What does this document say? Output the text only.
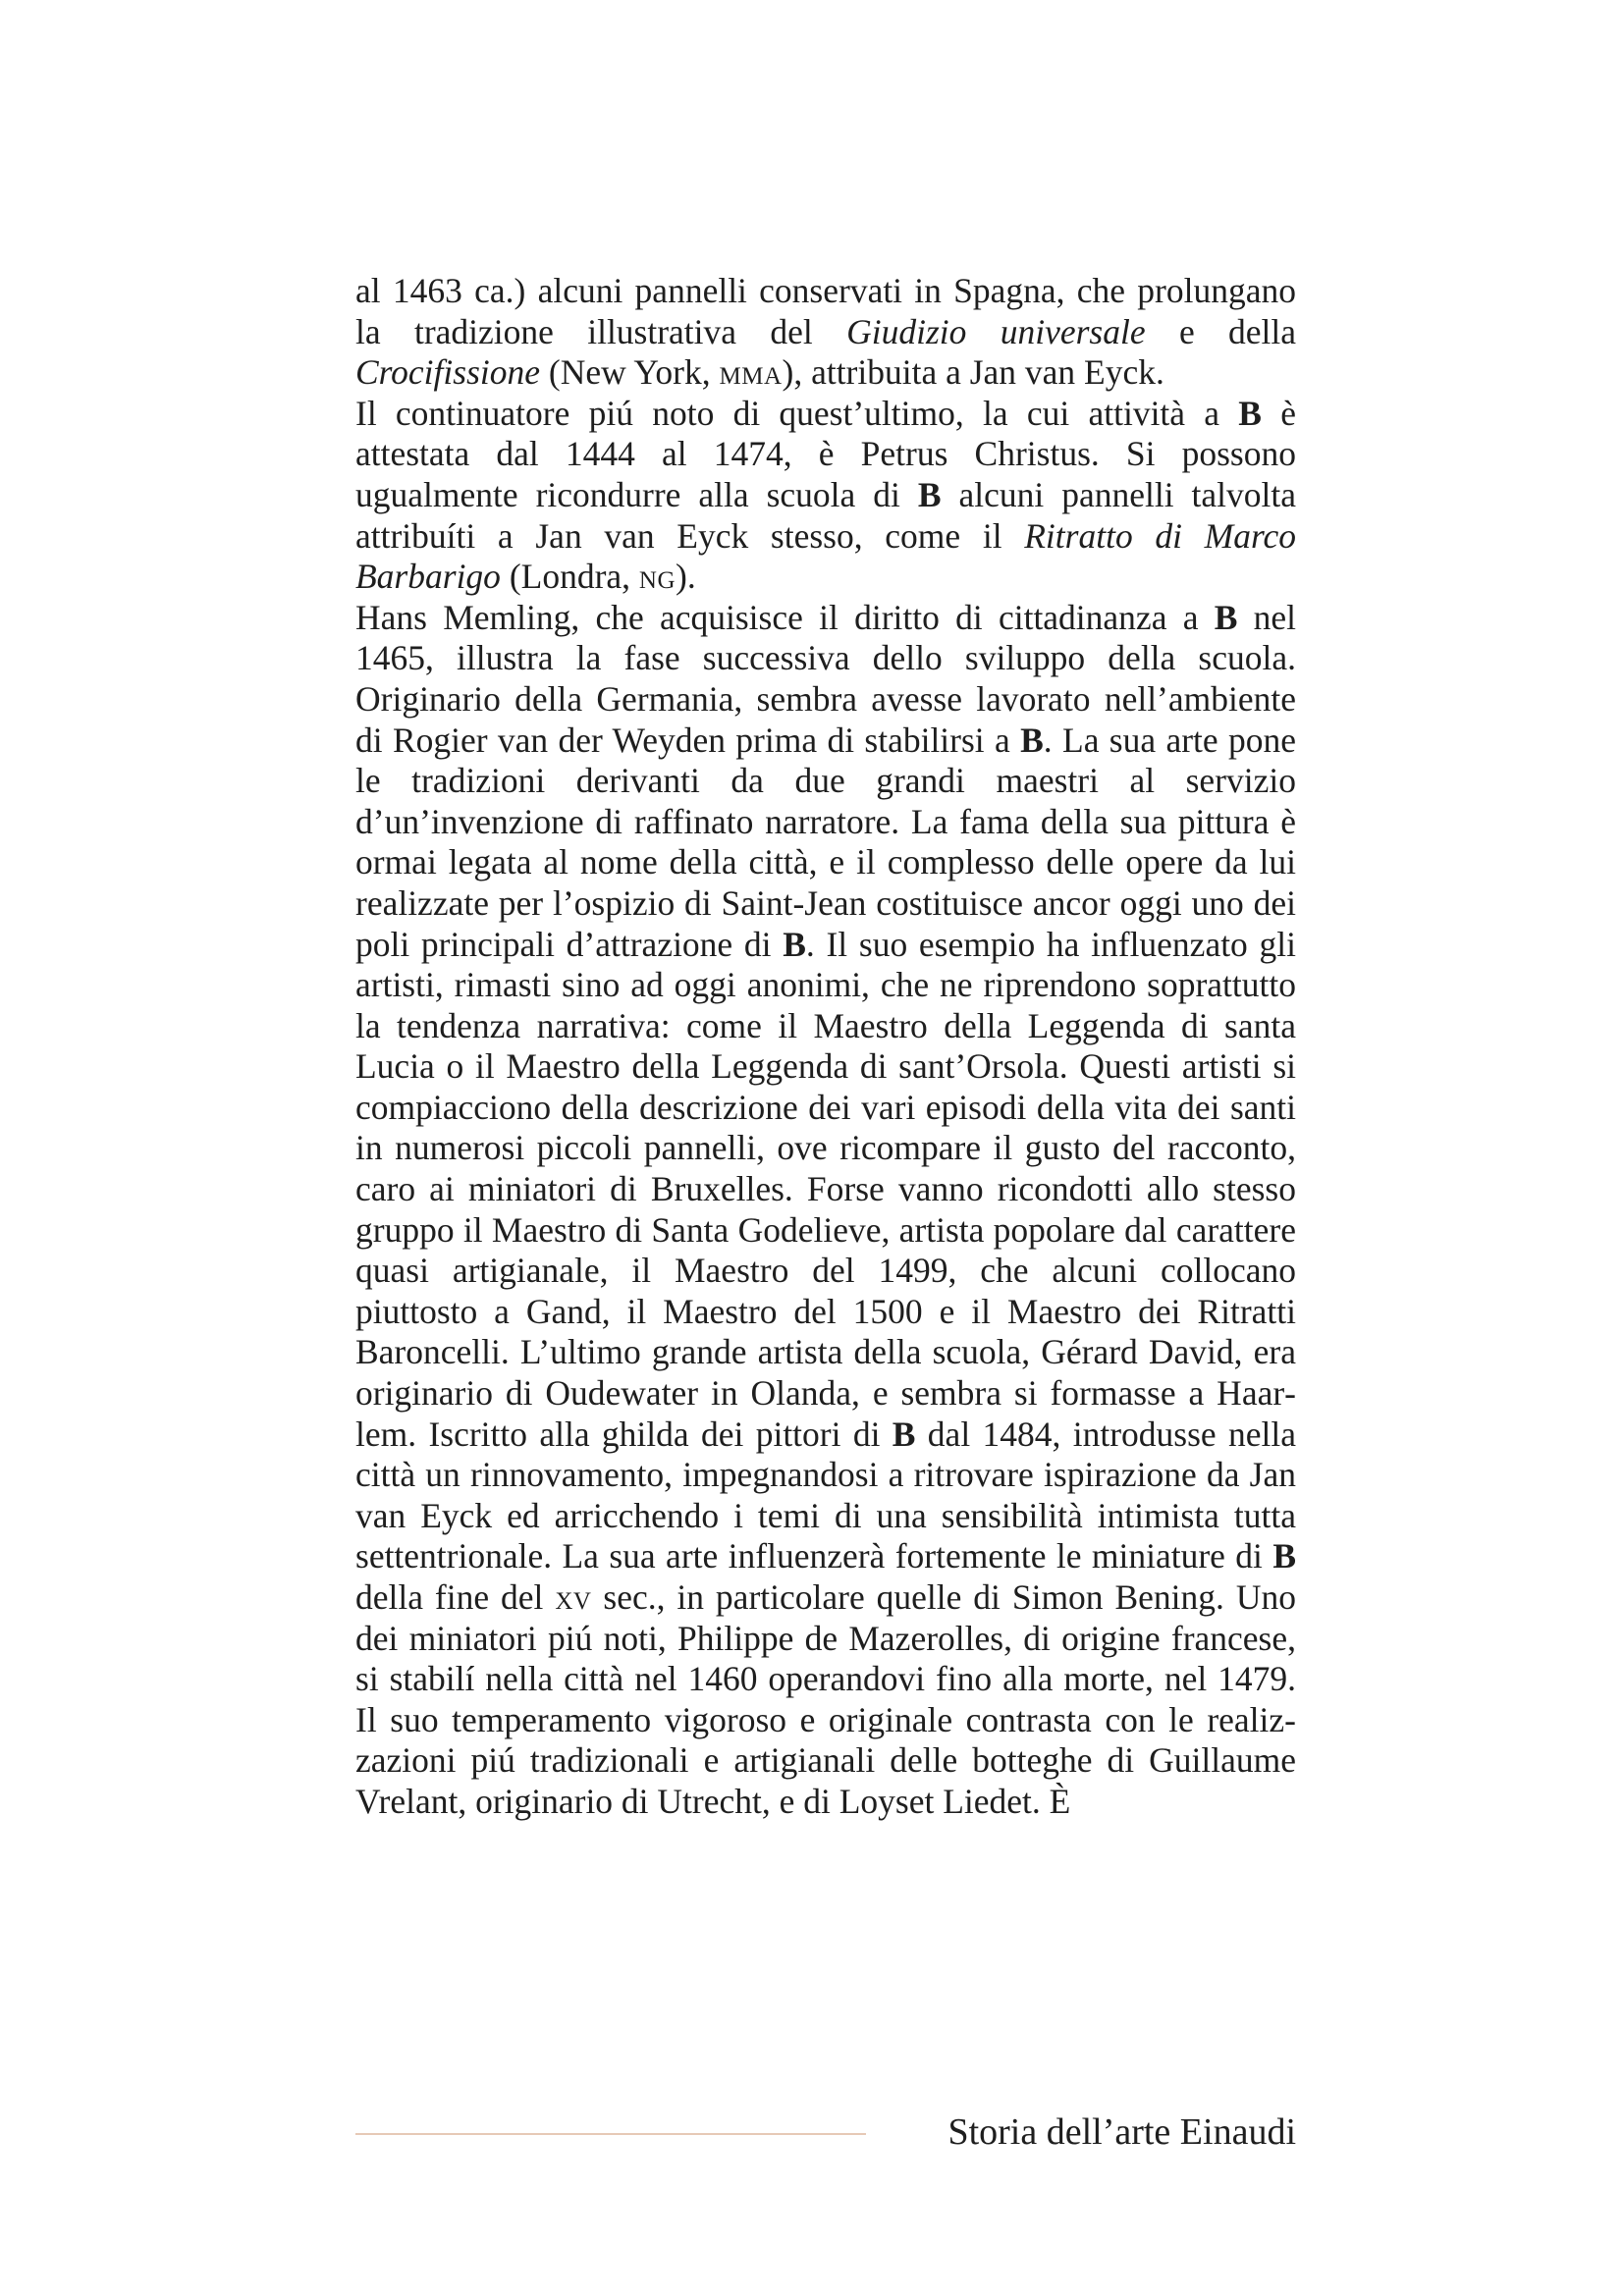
al 1463 ca.) alcuni pannelli conservati in Spagna, che prolungano la tradizione illustrativa del Giudizio universale e della Crocifissione (New York, mma), attribuita a Jan van Eyck.

Il continuatore piú noto di quest’ultimo, la cui attività a B è attestata dal 1444 al 1474, è Petrus Christus. Si possono ugualmente ricondurre alla scuola di B alcuni pannelli talvolta attribuíti a Jan van Eyck stesso, come il Ritratto di Marco Barbarigo (Londra, ng).

Hans Memling, che acquisisce il diritto di cittadinanza a B nel 1465, illustra la fase successiva dello sviluppo della scuola. Originario della Germania, sembra avesse lavorato nell’ambiente di Rogier van der Weyden prima di stabilirsi a B. La sua arte pone le tradizioni derivanti da due grandi maestri al servizio d’un’invenzione di raffinato narratore. La fama della sua pittura è ormai legata al nome della città, e il complesso delle opere da lui realizzate per l’ospizio di Saint-Jean costituisce ancor oggi uno dei poli principali d’attrazione di B. Il suo esempio ha influenzato gli artisti, rimasti sino ad oggi anonimi, che ne riprendono soprattutto la tendenza narrativa: come il Maestro della Leggenda di santa Lucia o il Maestro della Leggenda di sant’Orsola. Questi artisti si compiacciono della descrizione dei vari episodi della vita dei santi in numerosi piccoli pannelli, ove ricompare il gusto del racconto, caro ai miniatori di Bruxelles. Forse vanno ricondotti allo stesso gruppo il Maestro di Santa Godelieve, artista popolare dal carattere quasi artigianale, il Maestro del 1499, che alcuni collocano piuttosto a Gand, il Maestro del 1500 e il Maestro dei Ritratti Baroncelli. L’ultimo grande artista della scuola, Gérard David, era originario di Oudewater in Olanda, e sembra si formasse a Haarlem. Iscritto alla ghilda dei pittori di B dal 1484, introdusse nella città un rinnovamento, impegnandosi a ritrovare ispirazione da Jan van Eyck ed arricchendo i temi di una sensibilità intimista tutta settentrionale. La sua arte influenzerà fortemente le miniature di B della fine del xv sec., in particolare quelle di Simon Bening. Uno dei miniatori piú noti, Philippe de Mazerolles, di origine francese, si stabilí nella città nel 1460 operandovi fino alla morte, nel 1479. Il suo temperamento vigoroso e originale contrasta con le realizzazioni piú tradizionali e artigianali delle botteghe di Guillaume Vrelant, originario di Utrecht, e di Loyset Liedet. È

Storia dell’arte Einaudi
